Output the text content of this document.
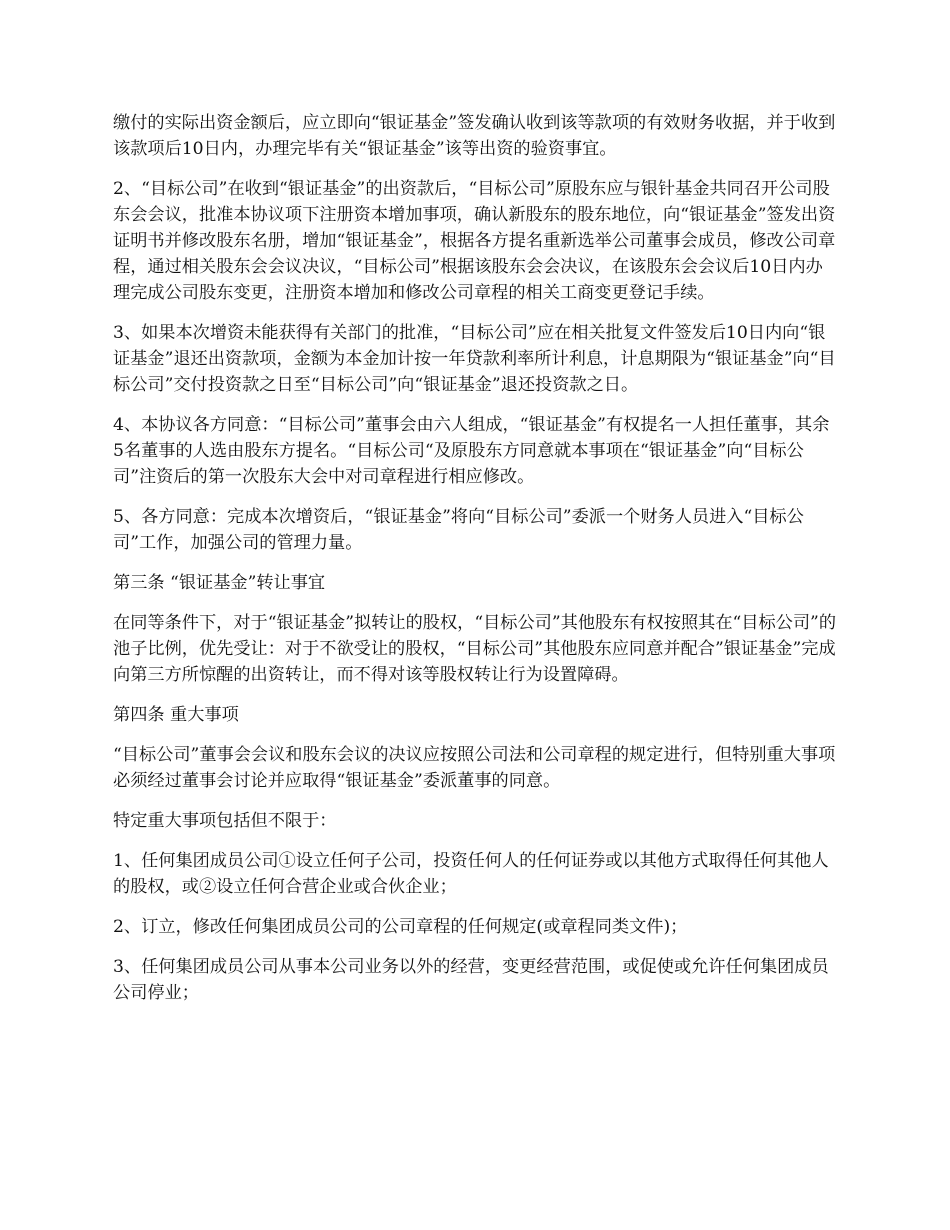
缴付的实际出资金额后，应立即向“银证基金”签发确认收到该等款项的有效财务收据，并于收到该款项后10日内，办理完毕有关“银证基金”该等出资的验资事宜。

2、“目标公司”在收到“银证基金”的出资款后，“目标公司”原股东应与银针基金共同召开公司股东会会议，批准本协议项下注册资本增加事项，确认新股东的股东地位，向“银证基金”签发出资证明书并修改股东名册，增加“银证基金”，根据各方提名重新选举公司董事会成员，修改公司章程，通过相关股东会会议决议，“目标公司”根据该股东会会决议，在该股东会会议后10日内办理完成公司股东变更，注册资本增加和修改公司章程的相关工商变更登记手续。

3、如果本次增资未能获得有关部门的批准，“目标公司”应在相关批复文件签发后10日内向“银证基金”退还出资款项，金额为本金加计按一年贷款利率所计利息，计息期限为“银证基金”向“目标公司”交付投资款之日至“目标公司”向“银证基金”退还投资款之日。

4、本协议各方同意：“目标公司”董事会由六人组成，“银证基金”有权提名一人担任董事，其余5名董事的人选由股东方提名。“目标公司“及原股东方同意就本事项在“银证基金”向“目标公司”注资后的第一次股东大会中对司章程进行相应修改。

5、各方同意：完成本次增资后，“银证基金”将向“目标公司”委派一个财务人员进入“目标公司”工作，加强公司的管理力量。

第三条 “银证基金”转让事宜

在同等条件下，对于“银证基金”拟转让的股权，“目标公司”其他股东有权按照其在“目标公司”的池子比例，优先受让：对于不欲受让的股权，“目标公司”其他股东应同意并配合”银证基金”完成向第三方所惊醒的出资转让，而不得对该等股权转让行为设置障碍。

第四条 重大事项

“目标公司”董事会会议和股东会议的决议应按照公司法和公司章程的规定进行，但特别重大事项必须经过董事会讨论并应取得“银证基金”委派董事的同意。

特定重大事项包括但不限于：

1、任何集团成员公司①设立任何子公司，投资任何人的任何证券或以其他方式取得任何其他人的股权，或②设立任何合营企业或合伙企业；

2、订立，修改任何集团成员公司的公司章程的任何规定(或章程同类文件)；

3、任何集团成员公司从事本公司业务以外的经营，变更经营范围，或促使或允许任何集团成员公司停业；
